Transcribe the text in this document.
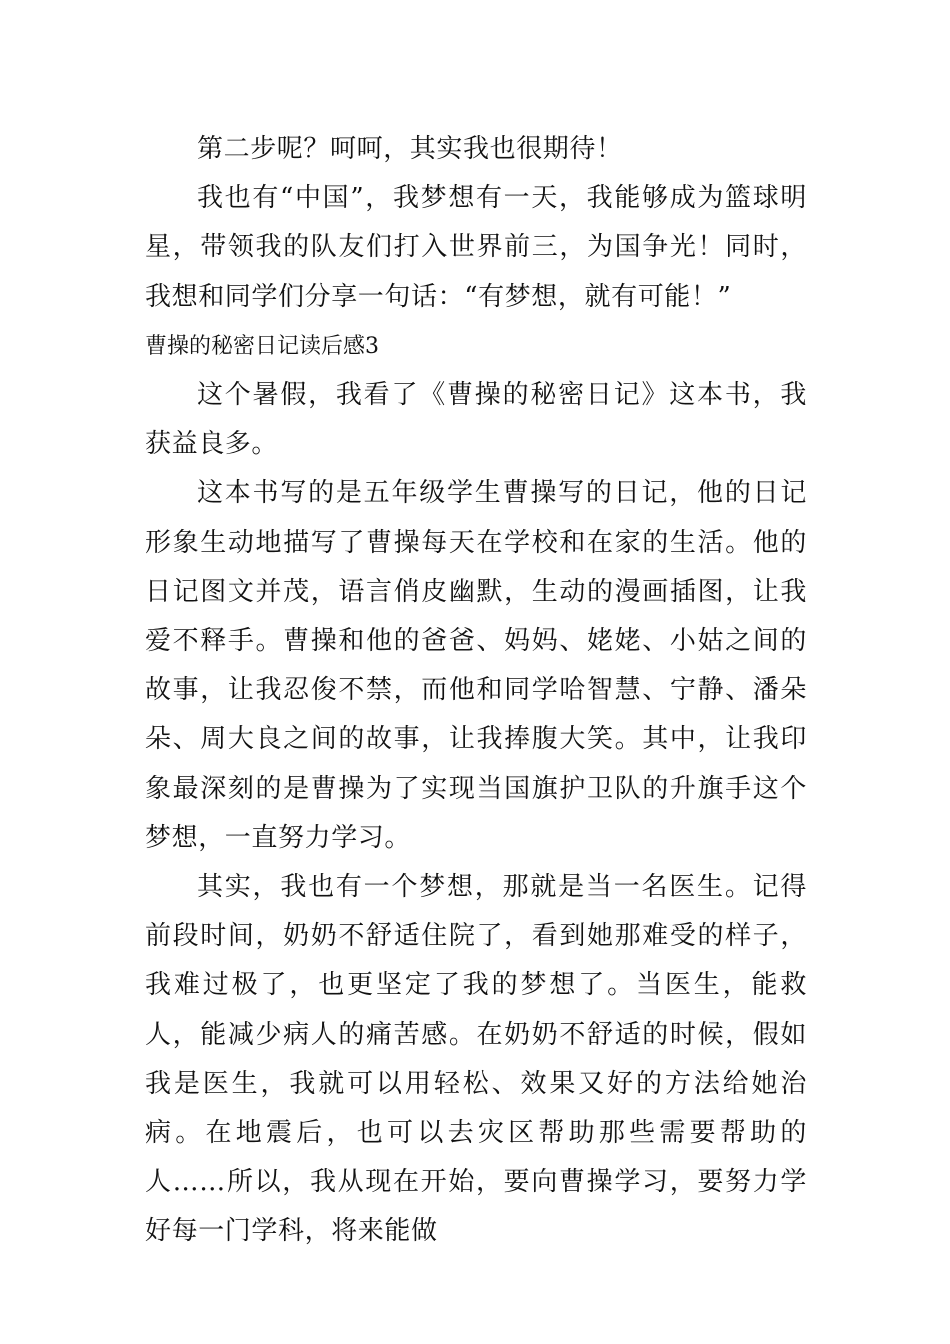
第二步呢？呵呵，其实我也很期待！

我也有“中国”，我梦想有一天，我能够成为篮球明星，带领我的队友们打入世界前三，为国争光！同时，我想和同学们分享一句话：“有梦想，就有可能！”

曹操的秘密日记读后感3

这个暑假，我看了《曹操的秘密日记》这本书，我获益良多。

这本书写的是五年级学生曹操写的日记，他的日记形象生动地描写了曹操每天在学校和在家的生活。他的日记图文并茂，语言俏皮幽默，生动的漫画插图，让我爱不释手。曹操和他的爸爸、妈妈、姥姥、小姑之间的故事，让我忍俊不禁，而他和同学哈智慧、宁静、潘朵朵、周大良之间的故事，让我捧腹大笑。其中，让我印象最深刻的是曹操为了实现当国旗护卫队的升旗手这个梦想，一直努力学习。

其实，我也有一个梦想，那就是当一名医生。记得前段时间，奶奶不舒适住院了，看到她那难受的样子，我难过极了，也更坚定了我的梦想了。当医生，能救人，能减少病人的痛苦感。在奶奶不舒适的时候，假如我是医生，我就可以用轻松、效果又好的方法给她治病。在地震后，也可以去灾区帮助那些需要帮助的人……所以，我从现在开始，要向曹操学习，要努力学好每一门学科，将来能做
